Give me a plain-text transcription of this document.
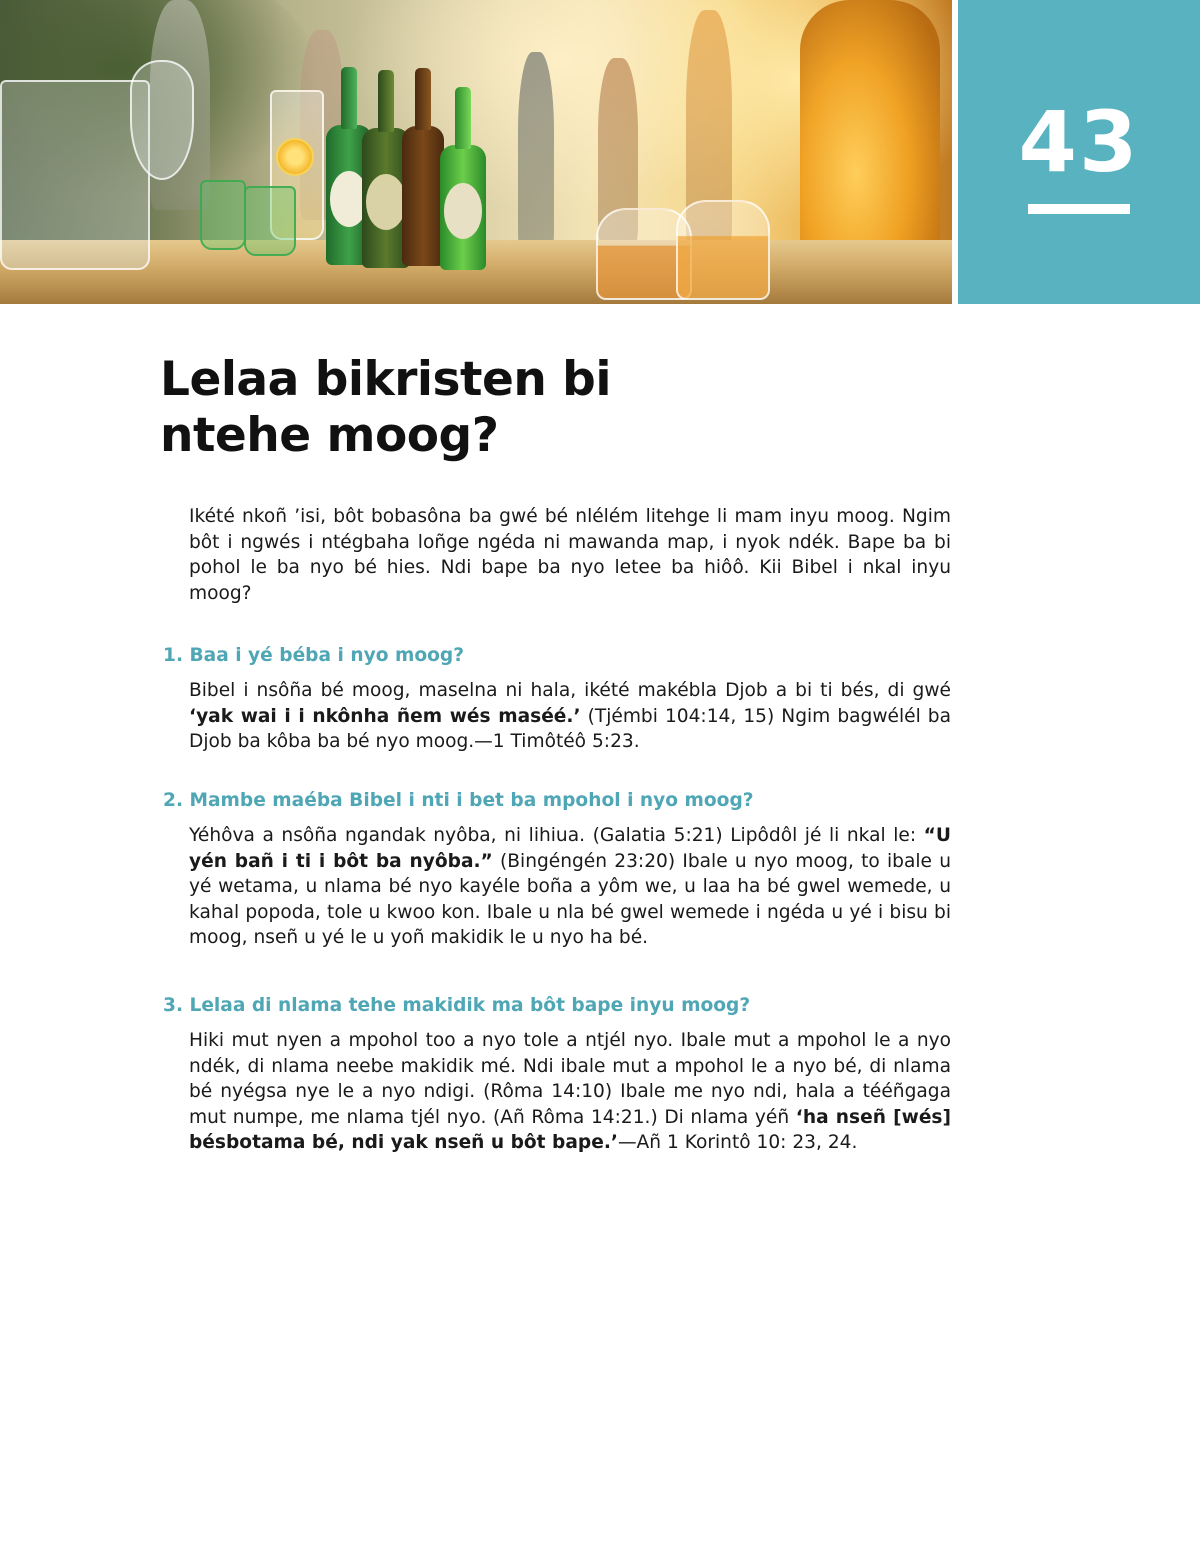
43
Lelaa bikristen bi
ntehe moog?

Ikété nkoñ ’isi, bôt bobasôna ba gwé bé nlélém litehge li mam inyu moog. Ngim bôt i ngwés i ntégbaha loñge ngéda ni mawanda map, i nyok ndék. Bape ba bi pohol le ba nyo bé hies. Ndi bape ba nyo letee ba hiôô. Kii Bibel i nkal inyu moog?

1. Baa i yé béba i nyo moog?

Bibel i nsôña bé moog, maselna ni hala, ikété makébla Djob a bi ti bés, di gwé ‘yak wai i i nkônha ñem wés maséé.’ (Tjémbi 104:14, 15) Ngim bagwélél ba Djob ba kôba ba bé nyo moog.—1 Timôtéô 5:23.

2. Mambe maéba Bibel i nti i bet ba mpohol i nyo moog?

Yéhôva a nsôña ngandak nyôba, ni lihiua. (Galatia 5:21) Lipôdôl jé li nkal le: “U yén bañ i ti i bôt ba nyôba.” (Bingéngén 23:20) Ibale u nyo moog, to ibale u yé wetama, u nlama bé nyo kayéle boña a yôm we, u laa ha bé gwel wemede, u kahal popoda, tole u kwoo kon. Ibale u nla bé gwel wemede i ngéda u yé i bisu bi moog, nseñ u yé le u yoñ makidik le u nyo ha bé.

3. Lelaa di nlama tehe makidik ma bôt bape inyu moog?

Hiki mut nyen a mpohol too a nyo tole a ntjél nyo. Ibale mut a mpohol le a nyo ndék, di nlama neebe makidik mé. Ndi ibale mut a mpohol le a nyo bé, di nlama bé nyégsa nye le a nyo ndigi. (Rôma 14:10) Ibale me nyo ndi, hala a tééñgaga mut numpe, me nlama tjél nyo. (Añ Rôma 14:21.) Di nlama yéñ ‘ha nseñ [wés] bésbotama bé, ndi yak nseñ u bôt bape.’—Añ 1 Korintô 10: 23, 24.
